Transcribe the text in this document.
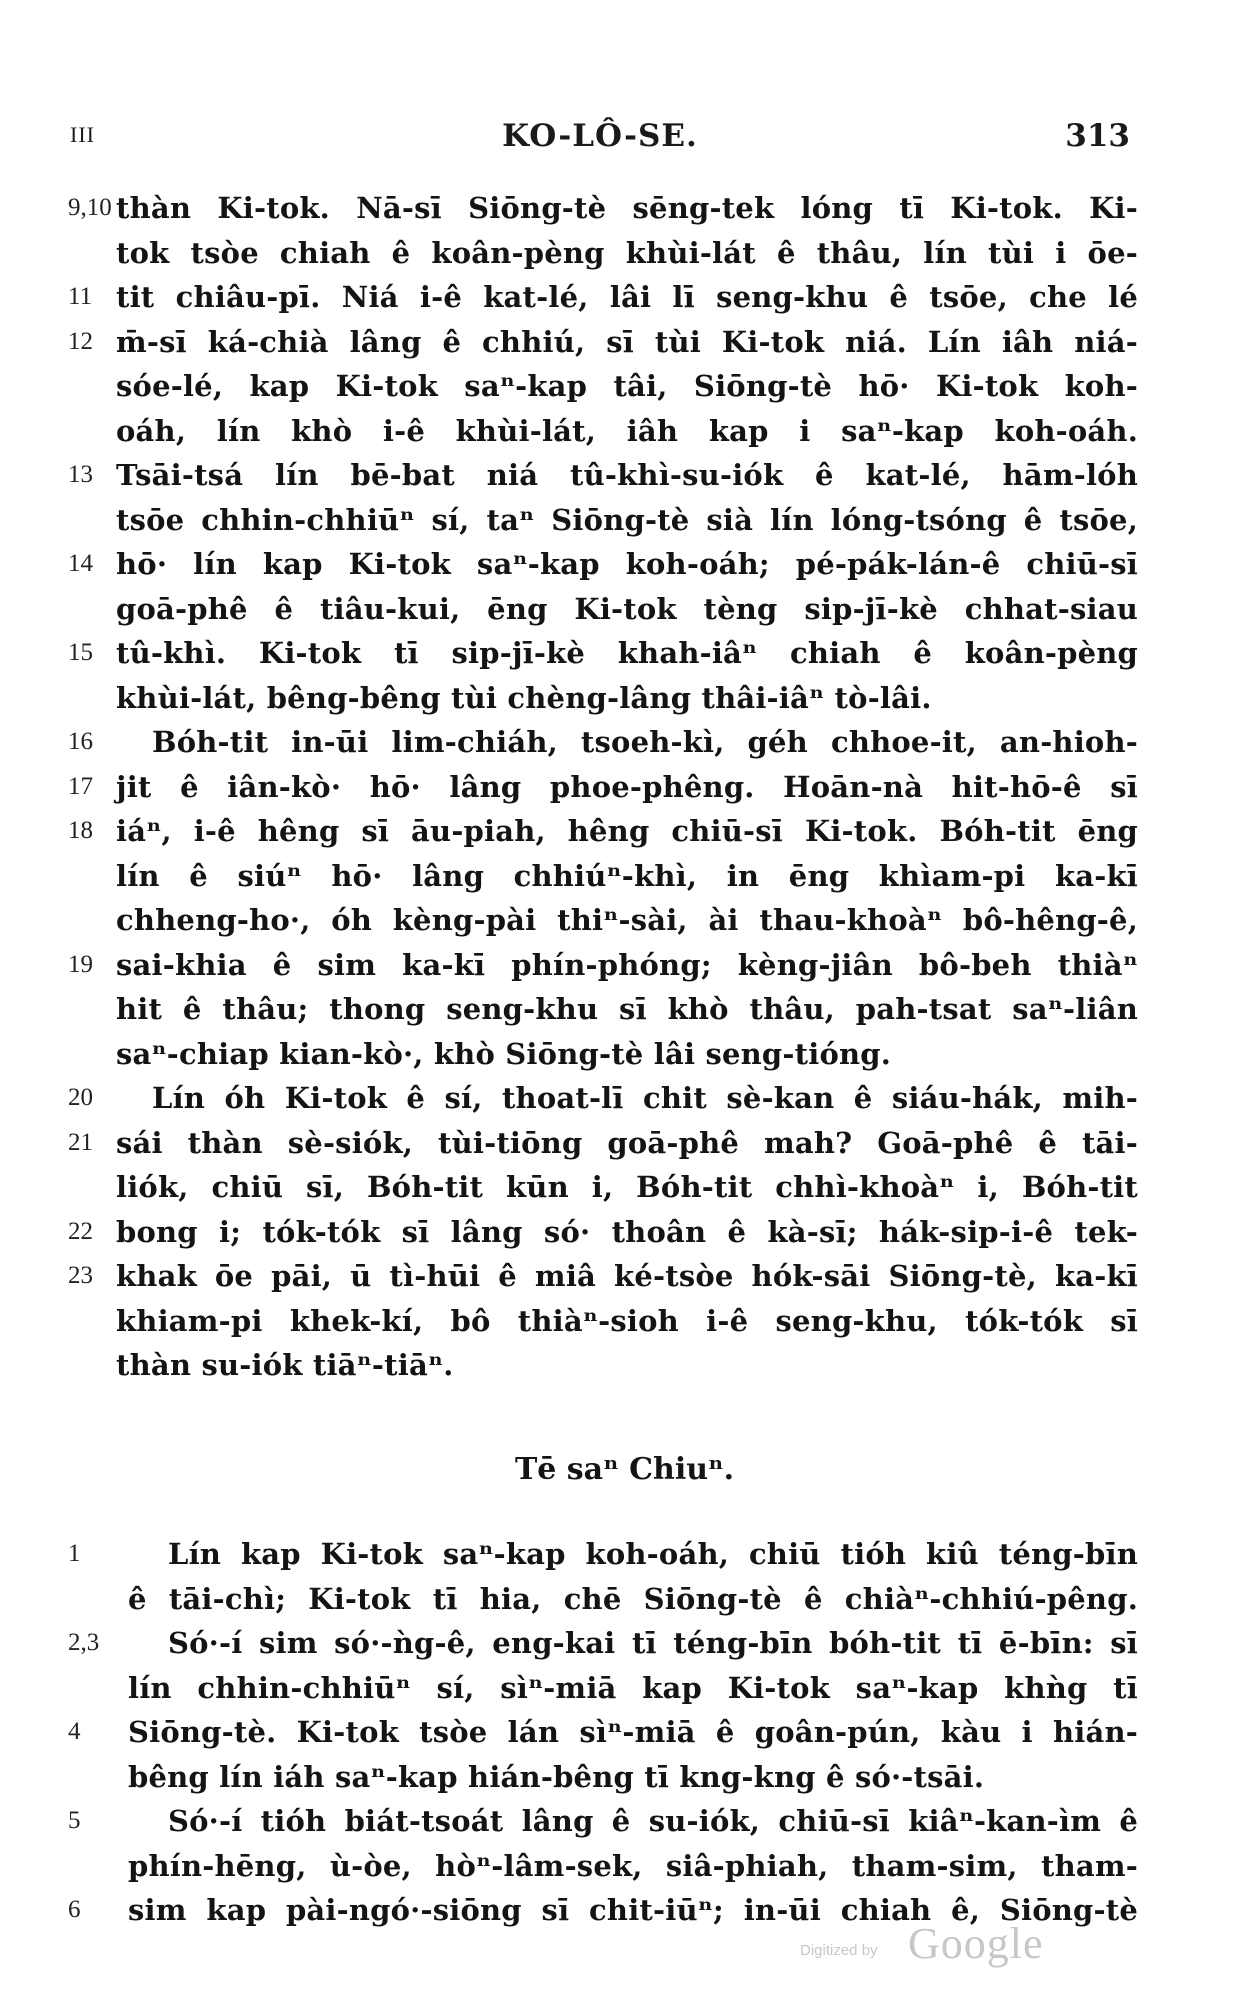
III	KO-LÔ-SE.	313
9,10 thàn Ki-tok. Nā-sī Siōng-tè sēng-tek lóng tī Ki-tok. Ki-
tok tsòe chiah ê koân-pèng khùi-lát ê thâu, lín tùi i ōe-
11 tit chiâu-pī. Niá i-ê kat-lé, lâi lī seng-khu ê tsōe, che lé
12 m̄-sī ká-chià lâng ê chhiú, sī tùi Ki-tok niá. Lín iâh niá-
sóe-lé, kap Ki-tok saⁿ-kap tâi, Siōng-tè hō· Ki-tok koh-
oáh, lín khò i-ê khùi-lát, iâh kap i saⁿ-kap koh-oáh.
13 Tsāi-tsá lín bē-bat niá tû-khì-su-iók ê kat-lé, hām-lóh
tsōe chhin-chhiūⁿ sí, taⁿ Siōng-tè sià lín lóng-tsóng ê tsōe,
14 hō· lín kap Ki-tok saⁿ-kap koh-oáh; pé-pák-lán-ê chiū-sī
goā-phê ê tiâu-kui, ēng Ki-tok tèng sip-jī-kè chhat-siau
15 tû-khì. Ki-tok tī sip-jī-kè khah-iâⁿ chiah ê koân-pèng
khùi-lát, bêng-bêng tùi chèng-lâng thâi-iâⁿ tò-lâi.
16	Bóh-tit in-ūi lim-chiáh, tsoeh-kì, géh chhoe-it, an-hioh-
17 jit ê iân-kò· hō· lâng phoe-phêng. Hoān-nà hit-hō-ê sī
18 iáⁿ, i-ê hêng sī āu-piah, hêng chiū-sī Ki-tok. Bóh-tit ēng
lín ê siúⁿ hō· lâng chhiúⁿ-khì, in ēng khìam-pi ka-kī
chheng-ho·, óh kèng-pài thiⁿ-sài, ài thau-khoàⁿ bô-hêng-ê,
19 sai-khia ê sim ka-kī phín-phóng; kèng-jiân bô-beh thiàⁿ
hit ê thâu; thong seng-khu sī khò thâu, pah-tsat saⁿ-liân
saⁿ-chiap kian-kò·, khò Siōng-tè lâi seng-tióng.
20	Lín óh Ki-tok ê sí, thoat-lī chit sè-kan ê siáu-hák, mih-
21 sái thàn sè-siók, tùi-tiōng goā-phê mah? Goā-phê ê tāi-
liók, chiū sī, Bóh-tit kūn i, Bóh-tit chhì-khoàⁿ i, Bóh-tit
22 bong i; tók-tók sī lâng só· thoân ê kà-sī; hák-sip-i-ê tek-
23 khak ōe pāi, ū tì-hūi ê miâ ké-tsòe hók-sāi Siōng-tè, ka-kī
khiam-pi khek-kí, bô thiàⁿ-sioh i-ê seng-khu, tók-tók sī
thàn su-iók tiāⁿ-tiāⁿ.
Tē saⁿ Chiuⁿ.
1	Lín kap Ki-tok saⁿ-kap koh-oáh, chiū tióh kiû téng-bīn
ê tāi-chì; Ki-tok tī hia, chē Siōng-tè ê chiàⁿ-chhiú-pêng.
2,3	Só·-í sim só·-ǹg-ê, eng-kai tī téng-bīn bóh-tit tī ē-bīn: sī
lín chhin-chhiūⁿ sí, sìⁿ-miā kap Ki-tok saⁿ-kap khǹg tī
4	Siōng-tè. Ki-tok tsòe lán sìⁿ-miā ê goân-pún, kàu i hián-
bêng lín iáh saⁿ-kap hián-bêng tī kng-kng ê só·-tsāi.
5	Só·-í tióh biát-tsoát lâng ê su-iók, chiū-sī kiâⁿ-kan-ìm ê
phín-hēng, ù-òe, hòⁿ-lâm-sek, siâ-phiah, tham-sim, tham-
6	sim kap pài-ngó·-siōng sī chit-iūⁿ; in-ūi chiah ê, Siōng-tè
Digitized by Google
